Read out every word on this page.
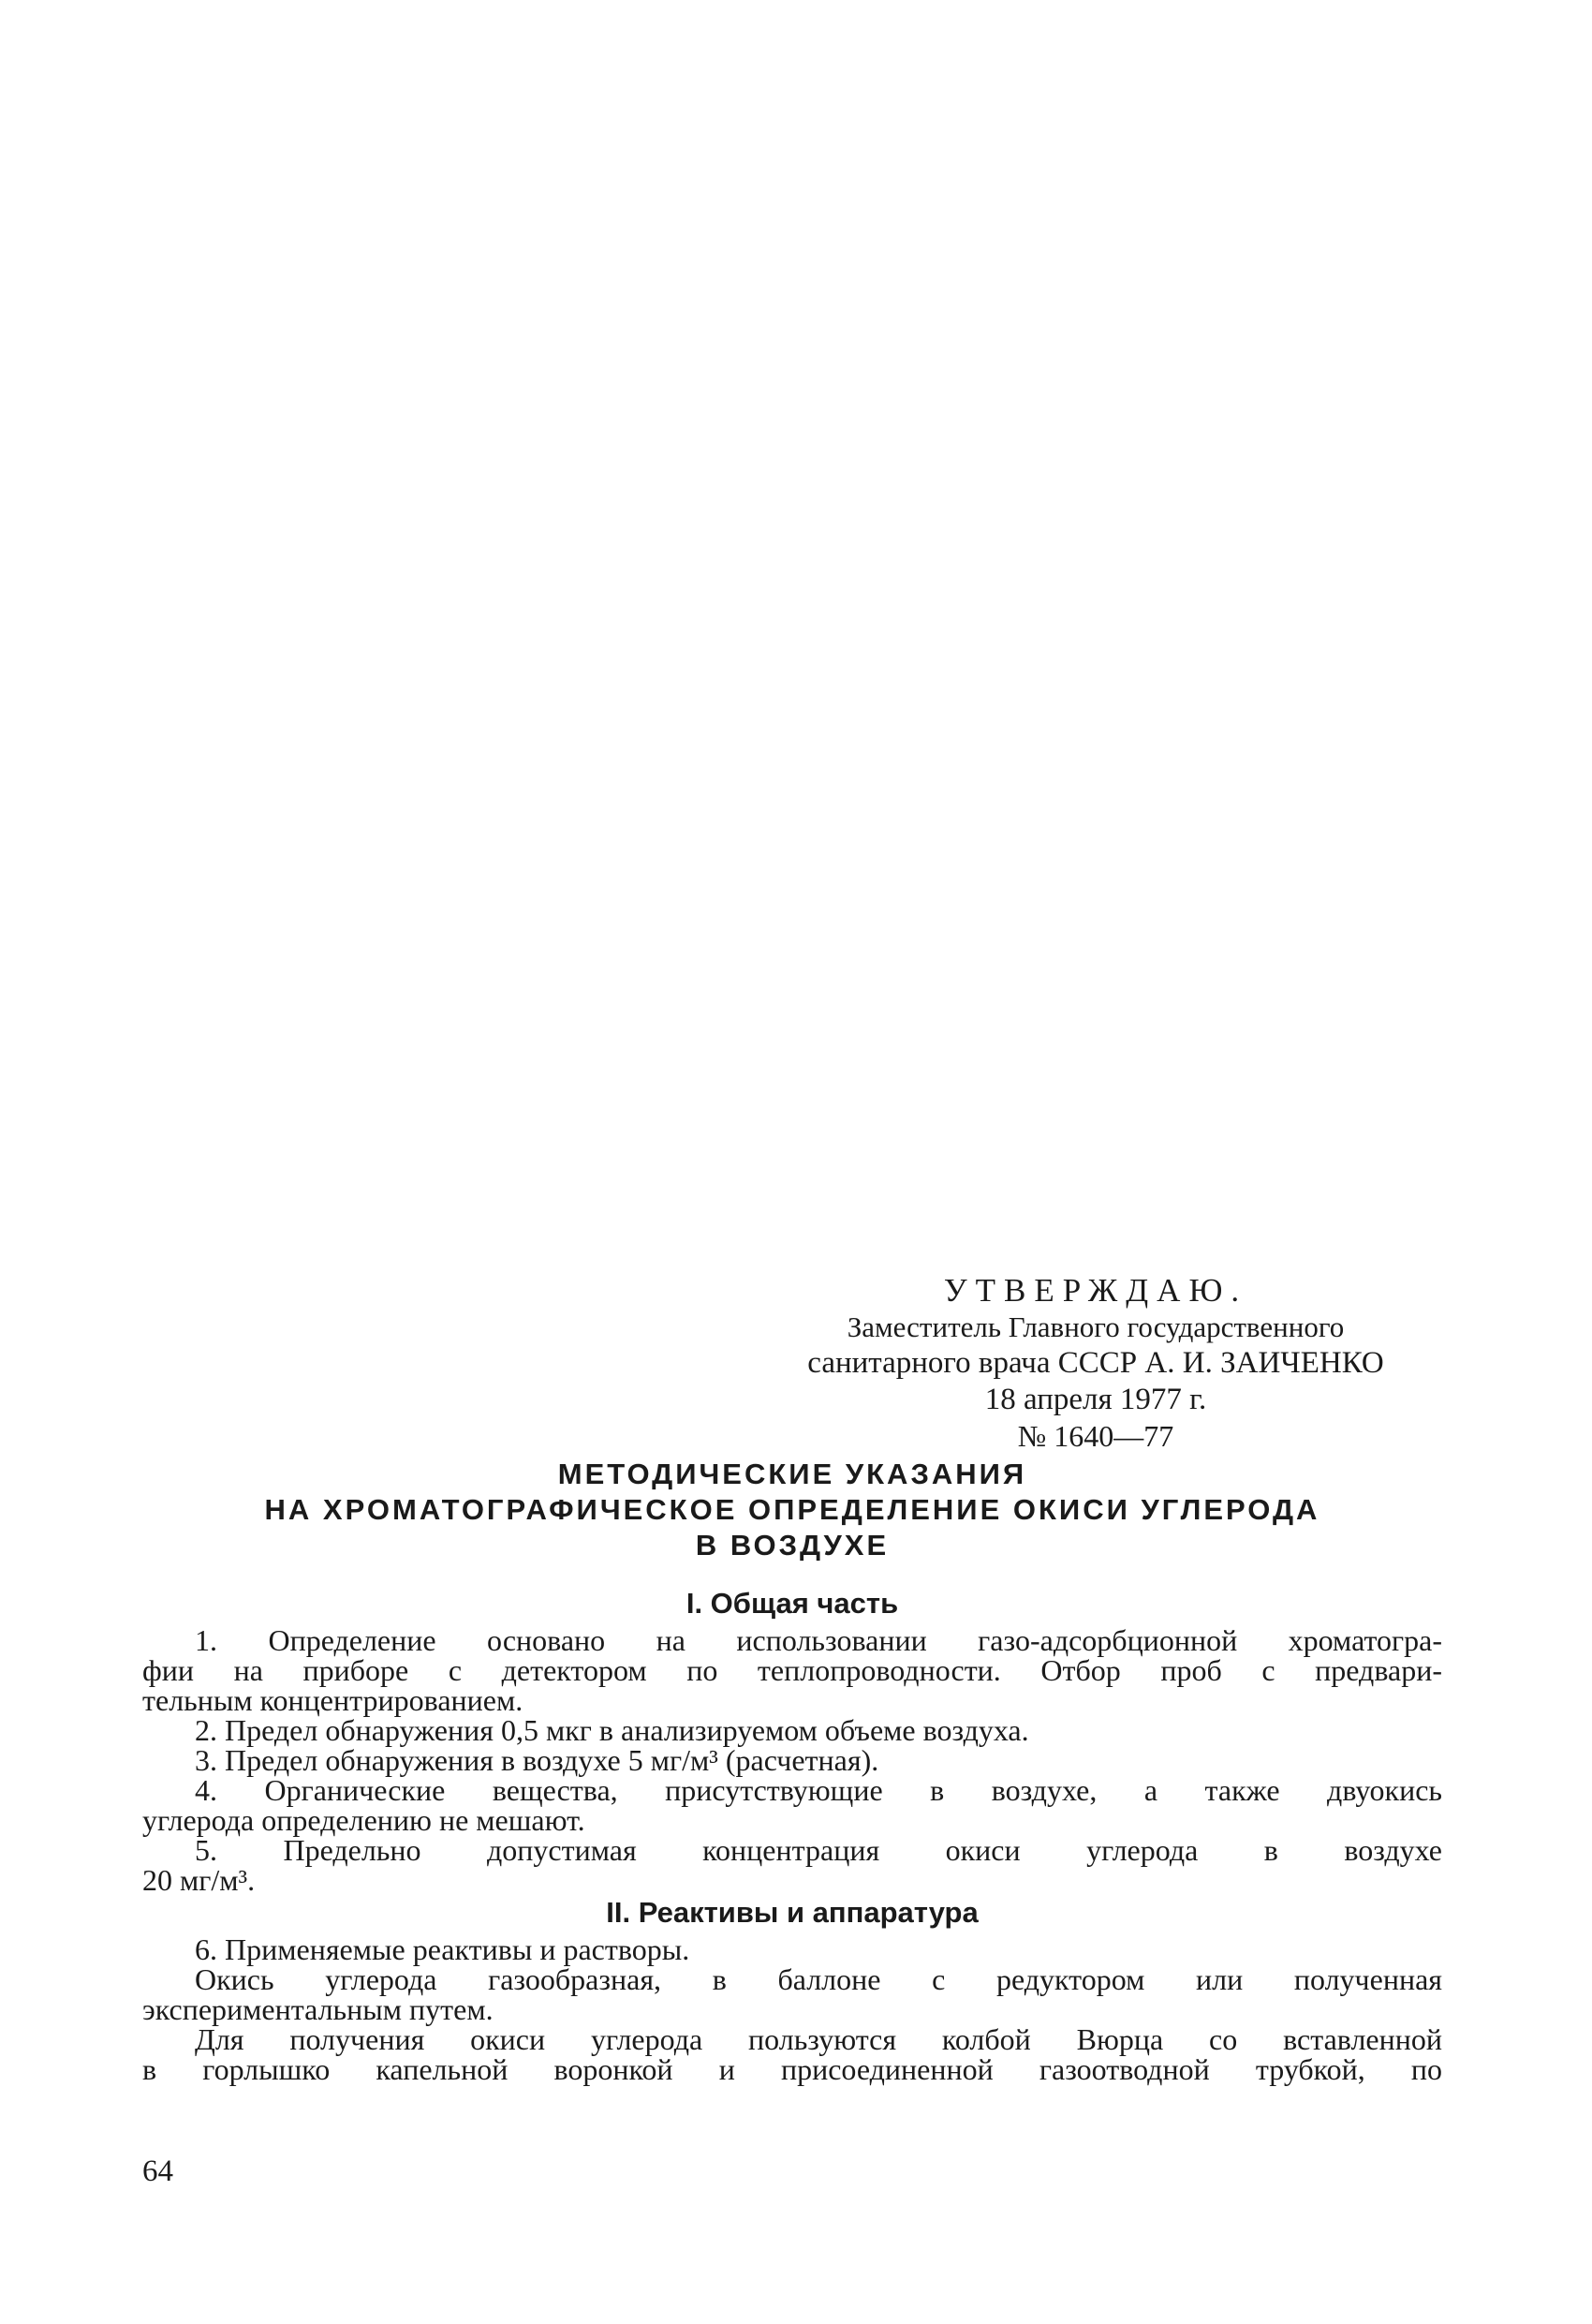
УТВЕРЖДАЮ.
Заместитель Главного государственного
санитарного врача СССР А. И. ЗАИЧЕНКО
18 апреля 1977 г.
№ 1640—77
МЕТОДИЧЕСКИЕ УКАЗАНИЯ
НА ХРОМАТОГРАФИЧЕСКОЕ ОПРЕДЕЛЕНИЕ ОКИСИ УГЛЕРОДА
В ВОЗДУХЕ
I. Общая часть
1. Определение основано на использовании газо-адсорбционной хроматогра-
фии на приборе с детектором по теплопроводности. Отбор проб с предвари-
тельным концентрированием.
2. Предел обнаружения 0,5 мкг в анализируемом объеме воздуха.
3. Предел обнаружения в воздухе 5 мг/м³ (расчетная).
4. Органические вещества, присутствующие в воздухе, а также двуокись
углерода определению не мешают.
5. Предельно допустимая концентрация окиси углерода в воздухе
20 мг/м³.
II. Реактивы и аппаратура
6. Применяемые реактивы и растворы.
Окись углерода газообразная, в баллоне с редуктором или полученная
экспериментальным путем.
Для получения окиси углерода пользуются колбой Вюрца со вставленной
в горлышко капельной воронкой и присоединенной газоотводной трубкой, по
64
